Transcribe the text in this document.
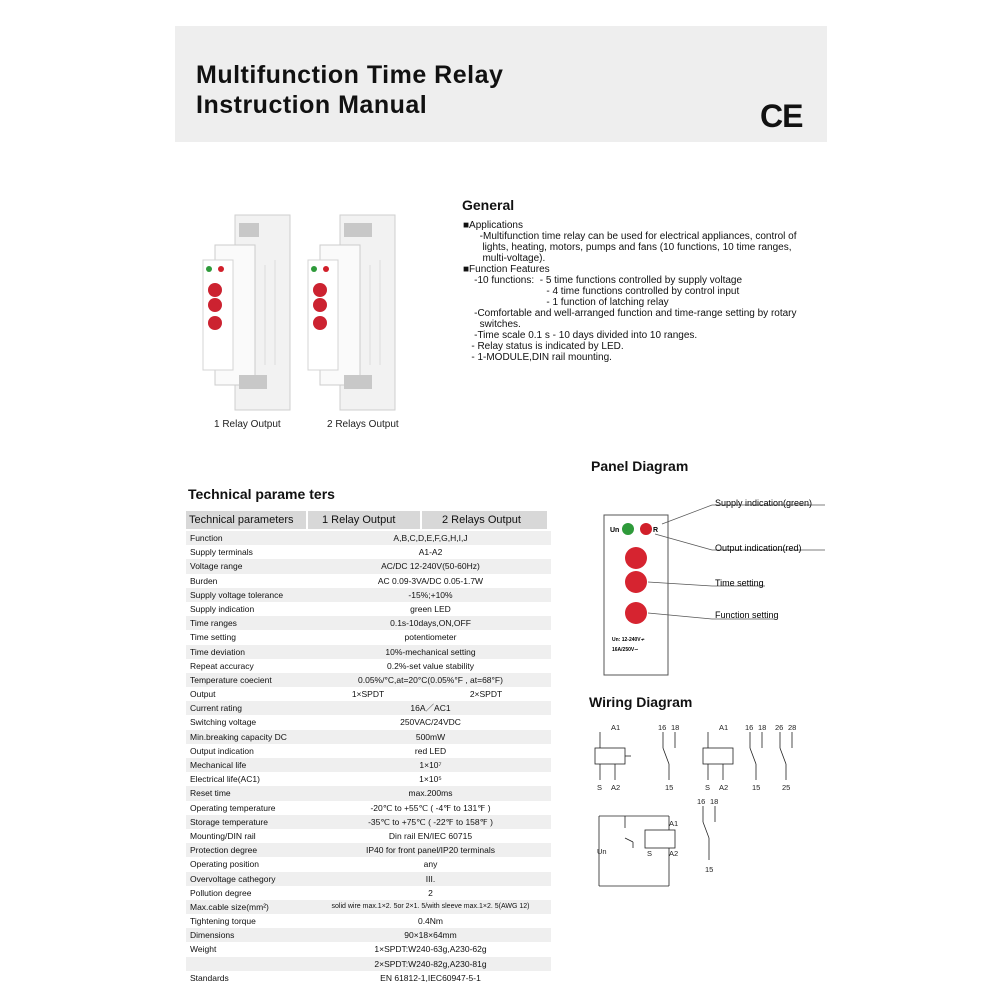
Multifunction Time Relay
Instruction Manual	CE
1 Relay Output	2 Relays Output
General
■Applications
-Multifunction time relay can be used for electrical appliances, control of
lights, heating, motors, pumps and fans (10 functions, 10 time ranges,
multi-voltage).
■Function Features
-10 functions:  - 5 time functions controlled by supply voltage
- 4 time functions controlled by control input
- 1 function of latching relay
-Comfortable and well-arranged function and time-range setting by rotary
switches.
-Time scale 0.1 s - 10 days divided into 10 ranges.
- Relay status is indicated by LED.
- 1-MODULE,DIN rail mounting.
Panel Diagram
Un	R
Un: 12-240V≁
16A/250V∼
Supply indication(green)
Output indication(red)
Time setting
Function setting
Wiring Diagram
A1
S A2
16 18
15
A1
S A2
16 18 26 28
15	25
A1
S A2
Un
16 18
15
Technical parame ters
Technical parameters	1 Relay Output	2 Relays Output
Function	A,B,C,D,E,F,G,H,I,J
Supply terminals	A1-A2
Voltage range	AC/DC 12-240V(50-60Hz)
Burden	AC 0.09-3VA/DC 0.05-1.7W
Supply voltage tolerance	-15%;+10%
Supply indication	green LED
Time ranges	0.1s-10days,ON,OFF
Time setting	potentiometer
Time deviation	10%-mechanical setting
Repeat accuracy	0.2%-set value stability
Temperature coecient	0.05%/°C,at=20°C(0.05%°F , at=68°F)
Output	1×SPDT	2×SPDT
Current rating	16A／AC1
Switching voltage	250VAC/24VDC
Min.breaking capacity DC	500mW
Output indication	red LED
Mechanical life	1×10⁷
Electrical life(AC1)	1×10⁵
Reset time	max.200ms
Operating temperature	-20℃ to +55℃ ( -4℉ to 131℉ )
Storage temperature	-35℃ to +75℃ ( -22℉ to 158℉ )
Mounting/DIN rail	Din rail EN/IEC 60715
Protection degree	IP40 for front panel/IP20 terminals
Operating position	any
Overvoltage cathegory	III.
Pollution degree	2
Max.cable size(mm²)	solid wire max.1×2. 5or 2×1. 5/with sleeve max.1×2. 5(AWG 12)
Tightening torque	0.4Nm
Dimensions	90×18×64mm
Weight	1×SPDT:W240-63g,A230-62g
2×SPDT:W240-82g,A230-81g
Standards	EN 61812-1,IEC60947-5-1
